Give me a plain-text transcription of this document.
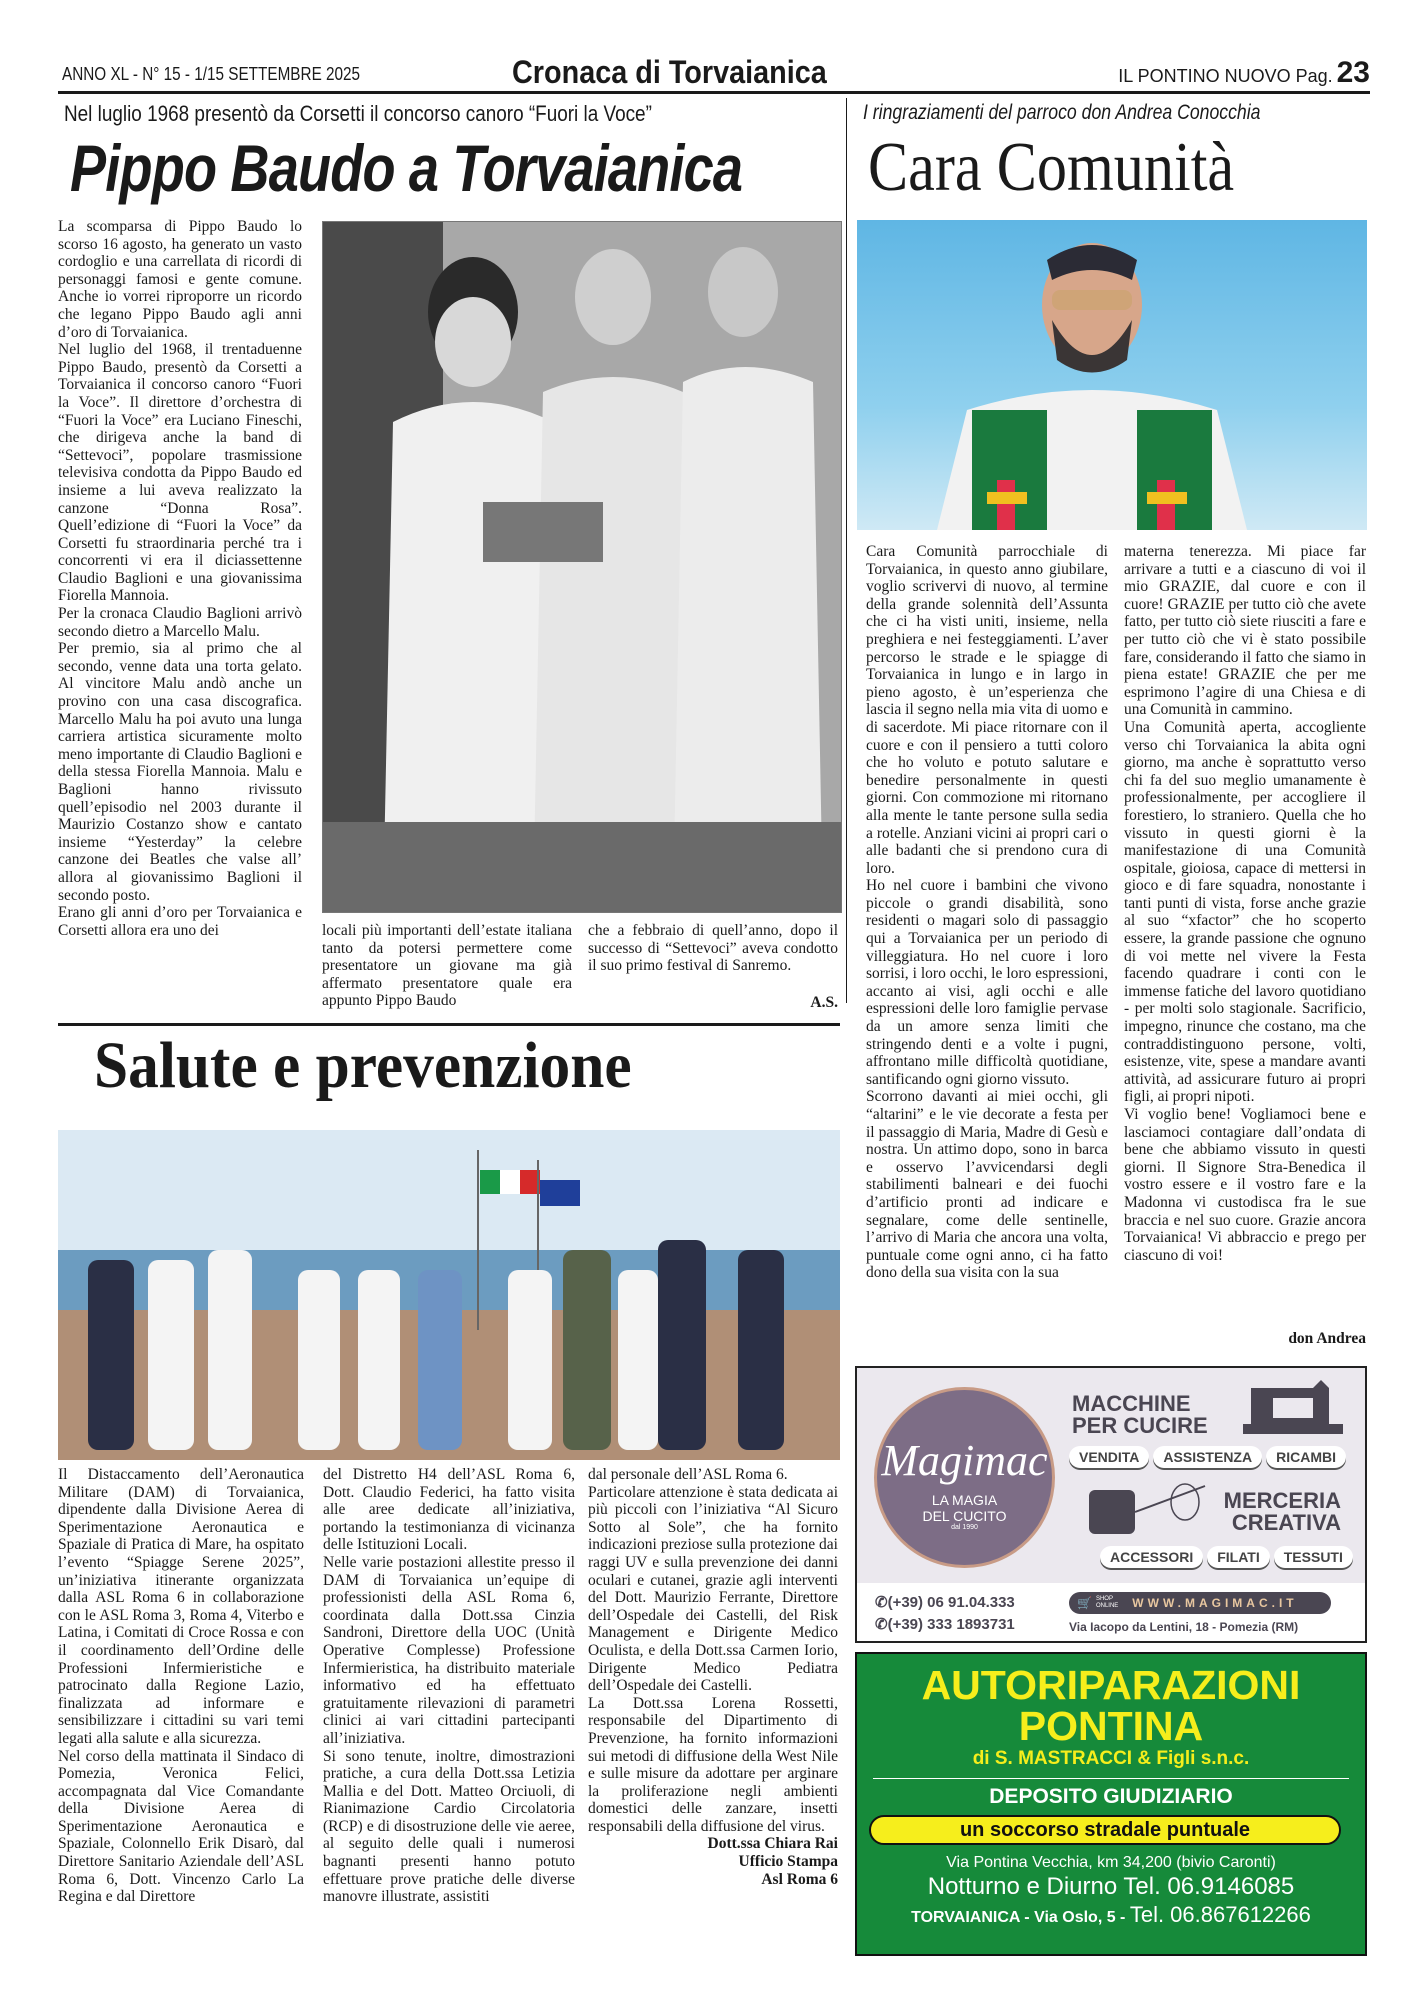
ANNO XL - N° 15 - 1/15 SETTEMBRE 2025	Cronaca di Torvaianica	IL PONTINO NUOVO Pag. 23
Nel luglio 1968 presentò da Corsetti il concorso canoro “Fuori la Voce”
Pippo Baudo a Torvaianica

La scomparsa di Pippo Baudo lo scorso 16 agosto, ha generato un vasto cordoglio e una carrellata di ricordi di personaggi famosi e gente comune. Anche io vorrei riproporre un ricordo che legano Pippo Baudo agli anni d’oro di Torvaianica.

Nel luglio del 1968, il trentaduenne Pippo Baudo, presentò da Corsetti a Torvaianica il concorso canoro “Fuori la Voce”. Il direttore d’orchestra di “Fuori la Voce” era Luciano Fineschi, che dirigeva anche la band di “Settevoci”, popolare trasmissione televisiva condotta da Pippo Baudo ed insieme a lui aveva realizzato la canzone “Donna Rosa”. Quell’edizione di “Fuori la Voce” da Corsetti fu straordinaria perché tra i concorrenti vi era il diciassettenne Claudio Baglioni e una giovanissima Fiorella Mannoia.

Per la cronaca Claudio Baglioni arrivò secondo dietro a Marcello Malu.

Per premio, sia al primo che al secondo, venne data una torta gelato. Al vincitore Malu andò anche un provino con una casa discografica. Marcello Malu ha poi avuto una lunga carriera artistica sicuramente molto meno importante di Claudio Baglioni e della stessa Fiorella Mannoia. Malu e Baglioni hanno rivissuto quell’episodio nel 2003 durante il Maurizio Costanzo show e cantato insieme “Yesterday” la celebre canzone dei Beatles che valse all’ allora al giovanissimo Baglioni il secondo posto.

Erano gli anni d’oro per Torvaianica e Corsetti allora era uno dei	locali più importanti dell’estate italiana tanto da potersi permettere come presentatore un giovane ma già affermato presentatore quale era appunto Pippo Baudo

che a febbraio di quell’anno, dopo il successo di “Settevoci” aveva condotto il suo primo festival di Sanremo.

A.S.
I ringraziamenti del parroco don Andrea Conocchia
Cara Comunità

Cara Comunità parrocchiale di Torvaianica, in questo anno giubilare, voglio scrivervi di nuovo, al termine della grande solennità dell’Assunta che ci ha visti uniti, insieme, nella preghiera e nei festeggiamenti. L’aver percorso le strade e le spiagge di Torvaianica in lungo e in largo in pieno agosto, è un’esperienza che lascia il segno nella mia vita di uomo e di sacerdote. Mi piace ritornare con il cuore e con il pensiero a tutti coloro che ho voluto e potuto salutare e benedire personalmente in questi giorni. Con commozione mi ritornano alla mente le tante persone sulla sedia a rotelle. Anziani vicini ai propri cari o alle badanti che si prendono cura di loro.

Ho nel cuore i bambini che vivono piccole o grandi disabilità, sono residenti o magari solo di passaggio qui a Torvaianica per un periodo di villeggiatura. Ho nel cuore i loro sorrisi, i loro occhi, le loro espressioni, accanto ai visi, agli occhi e alle espressioni delle loro famiglie pervase da un amore senza limiti che stringendo denti e a volte i pugni, affrontano mille difficoltà quotidiane, santificando ogni giorno vissuto.

Scorrono davanti ai miei occhi, gli “altarini” e le vie decorate a festa per il passaggio di Maria, Madre di Gesù e nostra. Un attimo dopo, sono in barca e osservo l’avvicendarsi degli stabilimenti balneari e dei fuochi d’artificio pronti ad indicare e segnalare, come delle sentinelle, l’arrivo di Maria che ancora una volta, puntuale come ogni anno, ci ha fatto dono della sua visita con la sua

materna tenerezza. Mi piace far arrivare a tutti e a ciascuno di voi il mio GRAZIE, dal cuore e con il cuore! GRAZIE per tutto ciò che avete fatto, per tutto ciò siete riusciti a fare e per tutto ciò che vi è stato possibile fare, considerando il fatto che siamo in piena estate! GRAZIE che per me esprimono l’agire di una Chiesa e di una Comunità in cammino.

Una Comunità aperta, accogliente verso chi Torvaianica la abita ogni giorno, ma anche è soprattutto verso chi fa del suo meglio umanamente è professionalmente, per accogliere il forestiero, lo straniero. Quella che ho vissuto in questi giorni è la manifestazione di una Comunità ospitale, gioiosa, capace di mettersi in gioco e di fare squadra, nonostante i tanti punti di vista, forse anche grazie al suo “xfactor” che ho scoperto essere, la grande passione che ognuno di voi mette nel vivere la Festa facendo quadrare i conti con le immense fatiche del lavoro quotidiano - per molti solo stagionale. Sacrificio, impegno, rinunce che costano, ma che contraddistinguono persone, volti, esistenze, vite, spese a mandare avanti attività, ad assicurare futuro ai propri figli, ai propri nipoti.

Vi voglio bene! Vogliamoci bene e lasciamoci contagiare dall’ondata di bene che abbiamo vissuto in questi giorni. Il Signore Stra-Benedica il vostro essere e il vostro fare e la Madonna vi custodisca fra le sue braccia e nel suo cuore. Grazie ancora Torvaianica! Vi abbraccio e prego per ciascuno di voi!

don Andrea
Salute e prevenzione

Il Distaccamento dell’Aeronautica Militare (DAM) di Torvaianica, dipendente dalla Divisione Aerea di Sperimentazione Aeronautica e Spaziale di Pratica di Mare, ha ospitato l’evento “Spiagge Serene 2025”, un’iniziativa itinerante organizzata dalla ASL Roma 6 in collaborazione con le ASL Roma 3, Roma 4, Viterbo e Latina, i Comitati di Croce Rossa e con il coordinamento dell’Ordine delle Professioni Infermieristiche e patrocinato dalla Regione Lazio, finalizzata ad informare e sensibilizzare i cittadini su vari temi legati alla salute e alla sicurezza.

Nel corso della mattinata il Sindaco di Pomezia, Veronica Felici, accompagnata dal Vice Comandante della Divisione Aerea di Sperimentazione Aeronautica e Spaziale, Colonnello Erik Disarò, dal Direttore Sanitario Aziendale dell’ASL Roma 6, Dott. Vincenzo Carlo La Regina e dal Direttore

del Distretto H4 dell’ASL Roma 6, Dott. Claudio Federici, ha fatto visita alle aree dedicate all’iniziativa, portando la testimonianza di vicinanza delle Istituzioni Locali.

Nelle varie postazioni allestite presso il DAM di Torvaianica un’equipe di professionisti della ASL Roma 6, coordinata dalla Dott.ssa Cinzia Sandroni, Direttore della UOC (Unità Operative Complesse) Professione Infermieristica, ha distribuito materiale informativo ed ha effettuato gratuitamente rilevazioni di parametri clinici ai vari cittadini partecipanti all’iniziativa.

Si sono tenute, inoltre, dimostrazioni pratiche, a cura della Dott.ssa Letizia Mallia e del Dott. Matteo Orciuoli, di Rianimazione Cardio Circolatoria (RCP) e di disostruzione delle vie aeree, al seguito delle quali i numerosi bagnanti presenti hanno potuto effettuare prove pratiche delle diverse manovre illustrate, assistiti

dal personale dell’ASL Roma 6.

Particolare attenzione è stata dedicata ai più piccoli con l’iniziativa “Al Sicuro Sotto al Sole”, che ha fornito indicazioni preziose sulla protezione dai raggi UV e sulla prevenzione dei danni oculari e cutanei, grazie agli interventi del Dott. Maurizio Ferrante, Direttore dell’Ospedale dei Castelli, del Risk Management e Dirigente Medico Oculista, e della Dott.ssa Carmen Iorio, Dirigente Medico Pediatra dell’Ospedale dei Castelli.

La Dott.ssa Lorena Rossetti, responsabile del Dipartimento di Prevenzione, ha fornito informazioni sui metodi di diffusione della West Nile e sulle misure da adottare per arginare la proliferazione negli ambienti domestici delle zanzare, insetti responsabili della diffusione del virus.

Dott.ssa Chiara Rai
Ufficio Stampa
Asl Roma 6
Magimac
LA MAGIA
DEL CUCITO
dal 1990
MACCHINE
PER CUCIRE
VENDITA ASSISTENZA RICAMBI
MERCERIA
CREATIVA
ACCESSORI FILATI TESSUTI
✆(+39) 06 91.04.333
✆(+39) 333 1893731
🛒 SHOP
ONLINE WWW.MAGIMAC.IT
Via Iacopo da Lentini, 18 - Pomezia (RM)
AUTORIPARAZIONI
PONTINA
di S. MASTRACCI & Figli s.n.c.
DEPOSITO GIUDIZIARIO
un soccorso stradale puntuale
Via Pontina Vecchia, km 34,200 (bivio Caronti)
Notturno e Diurno Tel. 06.9146085
TORVAIANICA - Via Oslo, 5 - Tel. 06.867612266
